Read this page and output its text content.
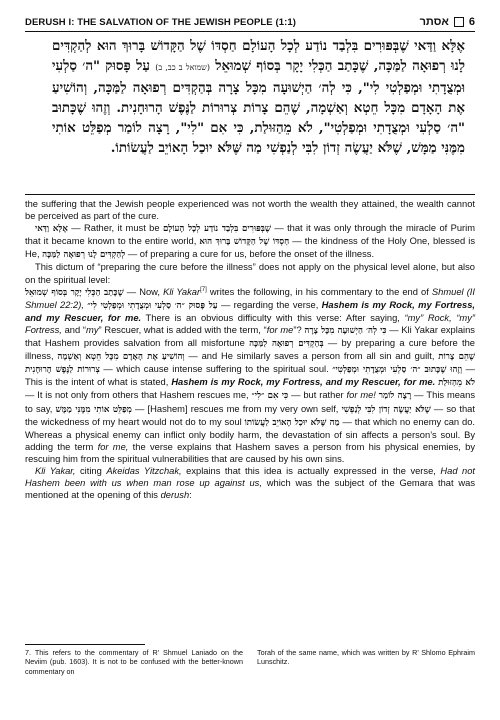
DERUSH I: THE SALVATION OF THE JEWISH PEOPLE (1:1)	אסתר 6
אֶלָּא וַדַּאי שֶׁבְּפּוּרִים בִּלְבַד נוֹדַע לְכָל הָעוֹלָם חַסְדּוֹ שֶׁל הַקָּדוֹשׁ בָּרוּךְ הוּא לְהַקְדִּים לָנוּ רְפוּאָה לַמַּכָּה, שֶׁכָּתַב הַכְּלִי יָקָר בְּסוֹף שְׁמוּאֵל (שמואל ב כב, ב) עַל פָּסוּק "ה׳ סַלְעִי וּמְצֻדָתִי וּמְפַלְטִי לִי", כִּי לְה׳ הַיְשׁוּעָה מִכָּל צָרָה בְּהַקְדִּים רְפוּאָה לַמַּכָּה, וְהוֹשִׁיעַ אֶת הָאָדָם מִכָּל חֵטְא וְאַשְׁמָה, שֶׁהֵם צָרוֹת צְרוּרוֹת לַנֶּפֶשׁ הָרוּחָנִית. וְזֶהוּ שֶׁכָּתוּב "ה׳ סַלְעִי וּמְצֻדָתִי וּמְפַלְטִי", לֹא מֵהַזּוּלַת, כִּי אִם "לִי", רָצָה לוֹמַר מְפַלֵּט אוֹתִי מִמֶּנִּי מַמָּשׁ, שֶׁלֹּא יַעֲשֶׂה זְדוֹן לִבִּי לְנַפְשִׁי מַה שֶּׁלֹּא יוּכַל הָאוֹיֵב לַעֲשׂוֹתוֹ.

the suffering that the Jewish people experienced was not worth the wealth they attained, the wealth cannot be perceived as part of the cure.

אֶלָּא וַדַּאי — Rather, it must be שֶׁבְּפּוּרִים בִּלְבַד נוֹדַע לְכָל הָעוֹלָם — that it was only through the miracle of Purim that it became known to the entire world, חַסְדּוֹ שֶׁל הַקָּדוֹשׁ בָּרוּךְ הוּא — the kindness of the Holy One, blessed is He, לְהַקְדִּים לָנוּ רְפוּאָה לַמַּכָּה — of preparing a cure for us, before the onset of the illness.

This dictum of “preparing the cure before the illness” does not apply on the physical level alone, but also on the spiritual level:

שֶׁכָּתַב הַכְּלִי יָקָר בְּסוֹף שְׁמוּאֵל — Now, Kli Yakar[7] writes the following, in his commentary to the end of Shmuel (II Shmuel 22:2), עַל פָּסוּק ״ה׳ סַלְעִי וּמְצֻדָתִי וּמְפַלְטִי לִי״ — regarding the verse, Hashem is my Rock, my Fortress, and my Rescuer, for me. There is an obvious difficulty with this verse: After saying, “my” Rock, “my” Fortress, and “my” Rescuer, what is added with the term, “for me”? כִּי לְה׳ הַיְשׁוּעָה מִכָּל צָרָה — Kli Yakar explains that Hashem provides salvation from all misfortune בְּהַקְדִּים רְפוּאָה לַמַּכָּה — by preparing a cure before the illness, וְהוֹשִׁיעַ אֶת הָאָדָם מִכָּל חֵטְא וְאַשְׁמָה — and He similarly saves a person from all sin and guilt, שֶׁהֵם צָרוֹת צְרוּרוֹת לַנֶּפֶשׁ הָרוּחָנִית — which cause intense suffering to the spiritual soul. וְזֶהוּ שֶׁכָּתוּב ״ה׳ סַלְעִי וּמְצֻדָתִי וּמְפַלְטִי״ — This is the intent of what is stated, Hashem is my Rock, my Fortress, and my Rescuer, for me. לֹא מֵהַזּוּלַת — It is not only from others that Hashem rescues me, כִּי אִם ״לִי״ — but rather for me! רָצָה לוֹמַר — This means to say, מְפַלֵּט אוֹתִי מִמֶּנִּי מַמָּשׁ — [Hashem] rescues me from my very own self, שֶׁלֹּא יַעֲשֶׂה זְדוֹן לִבִּי לְנַפְשִׁי — so that the wickedness of my heart would not do to my soul מַה שֶּׁלֹּא יוּכַל הָאוֹיֵב לַעֲשׂוֹתוֹ — that which no enemy can do. Whereas a physical enemy can inflict only bodily harm, the devastation of sin affects a person’s soul. By adding the term for me, the verse explains that Hashem saves a person from his physical enemies, by rescuing him from the spiritual vulnerabilities that are caused by his own sins.

Kli Yakar, citing Akeidas Yitzchak, explains that this idea is actually expressed in the verse, Had not Hashem been with us when man rose up against us, which was the subject of the Gemara that was mentioned at the opening of this derush:

7. This refers to the commentary of R’ Shmuel Laniado on the Neviim (pub. 1603). It is not to be confused with the better-known commentary on
Torah of the same name, which was written by R’ Shlomo Ephraim Lunschitz.
